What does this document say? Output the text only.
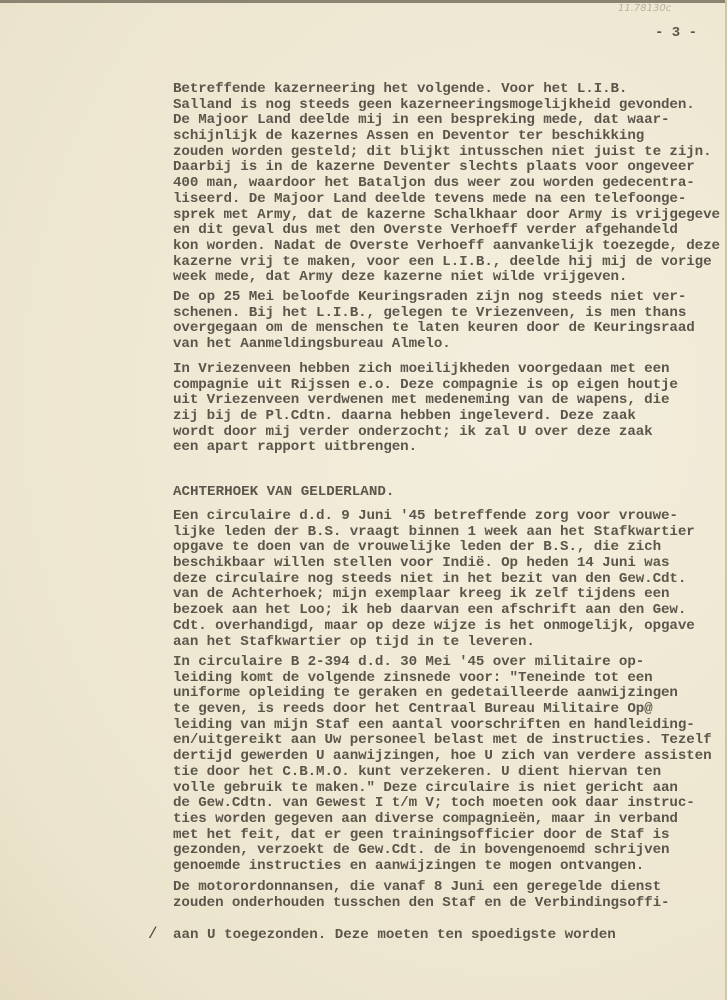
11.78130c
- 3 -
Betreffende kazerneering het volgende. Voor het L.I.B.
Salland is nog steeds geen kazerneeringsmogelijkheid gevonden.
De Majoor Land deelde mij in een bespreking mede, dat waar-
schijnlijk de kazernes Assen en Deventor ter beschikking
zouden worden gesteld; dit blijkt intusschen niet juist te zijn.
Daarbij is in de kazerne Deventer slechts plaats voor ongeveer
400 man, waardoor het Bataljon dus weer zou worden gedecentra-
liseerd. De Majoor Land deelde tevens mede na een telefoonge-
sprek met Army, dat de kazerne Schalkhaar door Army is vrijgegeve
en dit geval dus met den Overste Verhoeff verder afgehandeld
kon worden. Nadat de Overste Verhoeff aanvankelijk toezegde, deze
kazerne vrij te maken, voor een L.I.B., deelde hij mij de vorige
week mede, dat Army deze kazerne niet wilde vrijgeven.
De op 25 Mei beloofde Keuringsraden zijn nog steeds niet ver-
schenen. Bij het L.I.B., gelegen te Vriezenveen, is men thans
overgegaan om de menschen te laten keuren door de Keuringsraad
van het Aanmeldingsbureau Almelo.
In Vriezenveen hebben zich moeilijkheden voorgedaan met een
compagnie uit Rijssen e.o. Deze compagnie is op eigen houtje
uit Vriezenveen verdwenen met medeneming van de wapens, die
zij bij de Pl.Cdtn. daarna hebben ingeleverd. Deze zaak
wordt door mij verder onderzocht; ik zal U over deze zaak
een apart rapport uitbrengen.
ACHTERHOEK VAN GELDERLAND.
Een circulaire d.d. 9 Juni '45 betreffende zorg voor vrouwe-
lijke leden der B.S. vraagt binnen 1 week aan het Stafkwartier
opgave te doen van de vrouwelijke leden der B.S., die zich
beschikbaar willen stellen voor Indië. Op heden 14 Juni was
deze circulaire nog steeds niet in het bezit van den Gew.Cdt.
van de Achterhoek; mijn exemplaar kreeg ik zelf tijdens een
bezoek aan het Loo; ik heb daarvan een afschrift aan den Gew.
Cdt. overhandigd, maar op deze wijze is het onmogelijk, opgave
aan het Stafkwartier op tijd in te leveren.
In circulaire B 2-394 d.d. 30 Mei '45 over militaire op-
leiding komt de volgende zinsnede voor: "Teneinde tot een
uniforme opleiding te geraken en gedetailleerde aanwijzingen
te geven, is reeds door het Centraal Bureau Militaire Op@
leiding van mijn Staf een aantal voorschriften en handleiding-
en/uitgereikt aan Uw personeel belast met de instructies. Tezelf
dertijd gewerden U aanwijzingen, hoe U zich van verdere assisten
tie door het C.B.M.O. kunt verzekeren. U dient hiervan ten
volle gebruik te maken." Deze circulaire is niet gericht aan
de Gew.Cdtn. van Gewest I t/m V; toch moeten ook daar instruc-
ties worden gegeven aan diverse compagnieën, maar in verband
met het feit, dat er geen trainingsofficier door de Staf is
gezonden, verzoekt de Gew.Cdt. de in bovengenoemd schrijven
genoemde instructies en aanwijzingen te mogen ontvangen.
De motorordonnansen, die vanaf 8 Juni een geregelde dienst
zouden onderhouden tusschen den Staf en de Verbindingsoffi-
/ aan U toegezonden. Deze moeten ten spoedigste worden
